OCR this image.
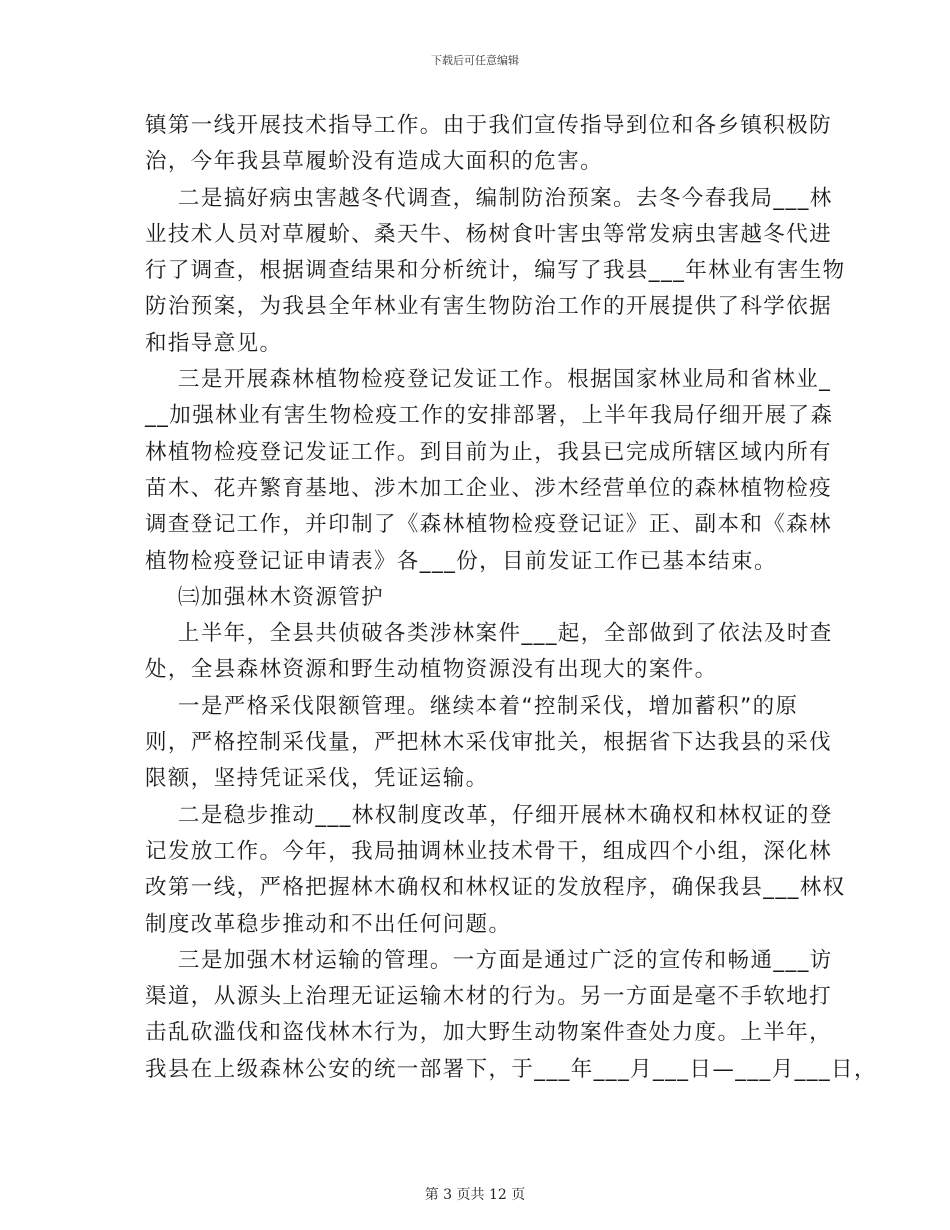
下载后可任意编辑

镇第一线开展技术指导工作。由于我们宣传指导到位和各乡镇积极防

治，今年我县草履蚧没有造成大面积的危害。

二是搞好病虫害越冬代调查，编制防治预案。去冬今春我局___林

业技术人员对草履蚧、桑天牛、杨树食叶害虫等常发病虫害越冬代进

行了调查，根据调查结果和分析统计，编写了我县___年林业有害生物

防治预案，为我县全年林业有害生物防治工作的开展提供了科学依据

和指导意见。

三是开展森林植物检疫登记发证工作。根据国家林业局和省林业_

__加强林业有害生物检疫工作的安排部署，上半年我局仔细开展了森

林植物检疫登记发证工作。到目前为止，我县已完成所辖区域内所有

苗木、花卉繁育基地、涉木加工企业、涉木经营单位的森林植物检疫

调查登记工作，并印制了《森林植物检疫登记证》正、副本和《森林

植物检疫登记证申请表》各___份，目前发证工作已基本结束。

㈢加强林木资源管护

上半年，全县共侦破各类涉林案件___起，全部做到了依法及时查

处，全县森林资源和野生动植物资源没有出现大的案件。

一是严格采伐限额管理。继续本着“控制采伐，增加蓄积”的原

则，严格控制采伐量，严把林木采伐审批关，根据省下达我县的采伐

限额，坚持凭证采伐，凭证运输。

二是稳步推动___林权制度改革，仔细开展林木确权和林权证的登

记发放工作。今年，我局抽调林业技术骨干，组成四个小组，深化林

改第一线，严格把握林木确权和林权证的发放程序，确保我县___林权

制度改革稳步推动和不出任何问题。

三是加强木材运输的管理。一方面是通过广泛的宣传和畅通___访

渠道，从源头上治理无证运输木材的行为。另一方面是毫不手软地打

击乱砍滥伐和盗伐林木行为，加大野生动物案件查处力度。上半年，

我县在上级森林公安的统一部署下，于___年___月___日—___月___日，

第 3 页共 12 页
